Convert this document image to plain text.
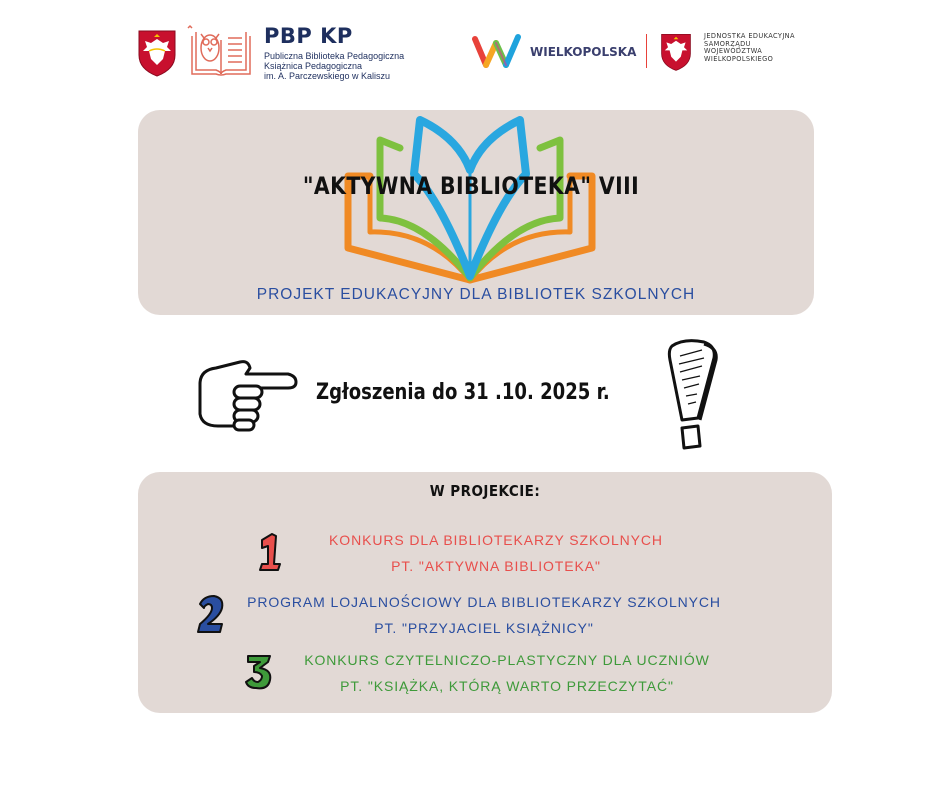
PBP KP
Publiczna Biblioteka Pedagogiczna
Książnica Pedagogiczna
im. A. Parczewskiego w Kaliszu
WIELKOPOLSKA
JEDNOSTKA EDUKACYJNA
SAMORZĄDU
WOJEWÓDZTWA
WIELKOPOLSKIEGO
"AKTYWNA BIBLIOTEKA" VIII
PROJEKT EDUKACYJNY DLA BIBLIOTEK SZKOLNYCH
Zgłoszenia do 31 .10. 2025 r.
W PROJEKCIE:
KONKURS DLA BIBLIOTEKARZY SZKOLNYCH
PT. "AKTYWNA BIBLIOTEKA"
PROGRAM LOJALNOŚCIOWY DLA BIBLIOTEKARZY SZKOLNYCH
PT. "PRZYJACIEL KSIĄŻNICY"
KONKURS CZYTELNICZO-PLASTYCZNY DLA UCZNIÓW
PT. "KSIĄŻKA, KTÓRĄ WARTO PRZECZYTAĆ"
